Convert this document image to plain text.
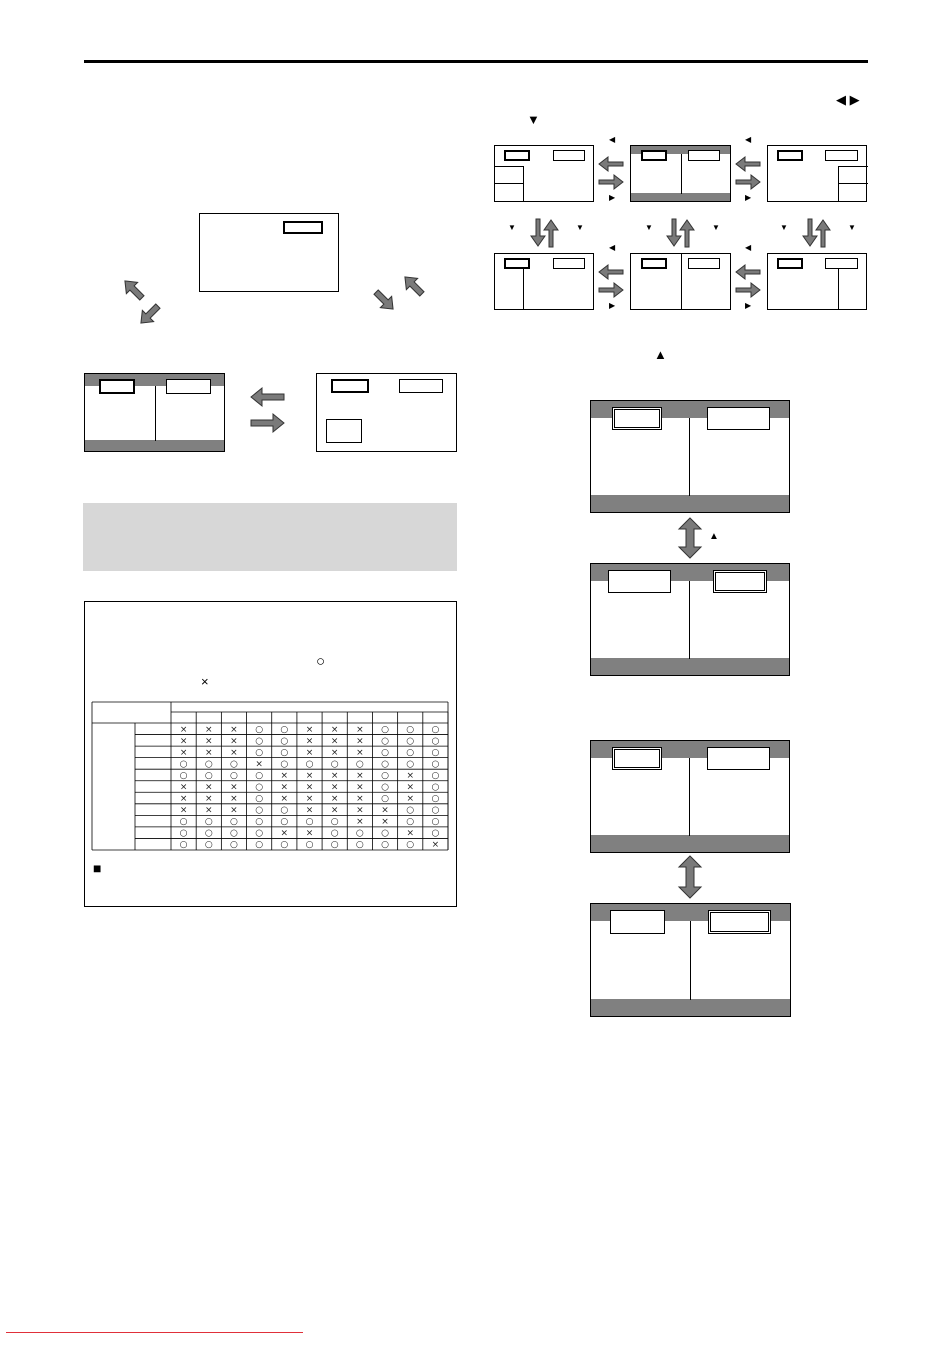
○
×
× × × ○ ○ × × × ○ ○ ○
× × × ○ ○ × × × ○ ○ ○
× × × ○ ○ × × × ○ ○ ○
○ ○ ○ × ○ ○ ○ ○ ○ ○ ○
○ ○ ○ ○ × × × × ○ × ○
× × × ○ × × × × ○ × ○
× × × ○ × × × × ○ × ○
× × × ○ ○ × × × × ○ ○
○ ○ ○ ○ ○ ○ ○ × × ○ ○
○ ○ ○ ○ × × ○ ○ ○ × ○
○ ○ ○ ○ ○ ○ ○ ○ ○ ○ ×
■
◀ ▶
▼
◀
▶
◀
▶
▼	▼	▼	▼	▼	▼
◀
▶
◀
▶
▲
▲
